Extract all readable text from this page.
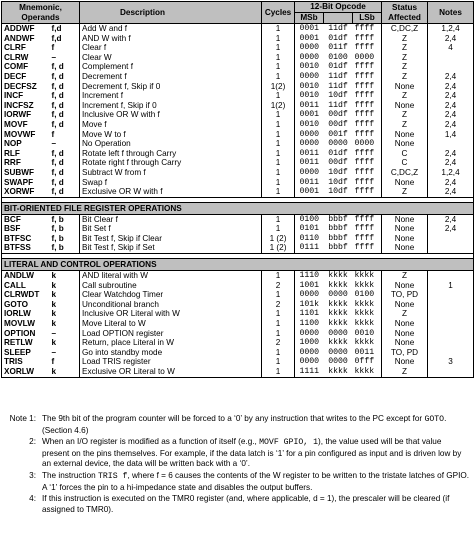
Mnemonic,
Operands		Description	Cycles	12-Bit Opcode			Status
Affected	Notes
				MSb		LSb		
ADDWF	f,d	Add W and f	1	0001	11df	ffff	C,DC,Z	1,2,4
ANDWF	f,d	AND W with f	1	0001	01df	ffff	Z	2,4
CLRF	f	Clear f	1	0000	011f	ffff	Z	4
CLRW	–	Clear W	1	0000	0100	0000	Z	
COMF	f, d	Complement f	1	0010	01df	ffff	Z	
DECF	f, d	Decrement f	1	0000	11df	ffff	Z	2,4
DECFSZ	f, d	Decrement f, Skip if 0	1(2)	0010	11df	ffff	None	2,4
INCF	f, d	Increment f	1	0010	10df	ffff	Z	2,4
INCFSZ	f, d	Increment f, Skip if 0	1(2)	0011	11df	ffff	None	2,4
IORWF	f, d	Inclusive OR W with f	1	0001	00df	ffff	Z	2,4
MOVF	f, d	Move f	1	0010	00df	ffff	Z	2,4
MOVWF	f	Move W to f	1	0000	001f	ffff	None	1,4
NOP	–	No Operation	1	0000	0000	0000	None	
RLF	f, d	Rotate left f through Carry	1	0011	01df	ffff	C	2,4
RRF	f, d	Rotate right f through Carry	1	0011	00df	ffff	C	2,4
SUBWF	f, d	Subtract W from f	1	0000	10df	ffff	C,DC,Z	1,2,4
SWAPF	f, d	Swap f	1	0011	10df	ffff	None	2,4
XORWF	f, d	Exclusive OR W with f	1	0001	10df	ffff	Z	2,4

BIT-ORIENTED FILE REGISTER OPERATIONS								
BCF	f, b	Bit Clear f	1	0100	bbbf	ffff	None	2,4
BSF	f, b	Bit Set f	1	0101	bbbf	ffff	None	2,4
BTFSC	f, b	Bit Test f, Skip if Clear	1 (2)	0110	bbbf	ffff	None	
BTFSS	f, b	Bit Test f, Skip if Set	1 (2)	0111	bbbf	ffff	None	

LITERAL AND CONTROL OPERATIONS								
ANDLW	k	AND literal with W	1	1110	kkkk	kkkk	Z	
CALL	k	Call subroutine	2	1001	kkkk	kkkk	None	1
CLRWDT	k	Clear Watchdog Timer	1	0000	0000	0100	TO, PD	
GOTO	k	Unconditional branch	2	101k	kkkk	kkkk	None	
IORLW	k	Inclusive OR Literal with W	1	1101	kkkk	kkkk	Z	
MOVLW	k	Move Literal to W	1	1100	kkkk	kkkk	None	
OPTION	–	Load OPTION register	1	0000	0000	0010	None	
RETLW	k	Return, place Literal in W	2	1000	kkkk	kkkk	None	
SLEEP	–	Go into standby mode	1	0000	0000	0011	TO, PD	
TRIS	f	Load TRIS register	1	0000	0000	0fff	None	3
XORLW	k	Exclusive OR Literal to W	1	1111	kkkk	kkkk	Z	
Note 1: The 9th bit of the program counter will be forced to a ‘0’ by any instruction that writes to the PC except for GOTO. (Section 4.6)
2: When an I/O register is modified as a function of itself (e.g., MOVF GPIO, 1), the value used will be that value present on the pins themselves. For example, if the data latch is ‘1’ for a pin configured as input and is driven low by an external device, the data will be written back with a ‘0’.
3: The instruction TRIS f, where f = 6 causes the contents of the W register to be written to the tristate latches of GPIO. A ‘1’ forces the pin to a hi-impedance state and disables the output buffers.
4: If this instruction is executed on the TMR0 register (and, where applicable, d = 1), the prescaler will be cleared (if assigned to TMR0).
